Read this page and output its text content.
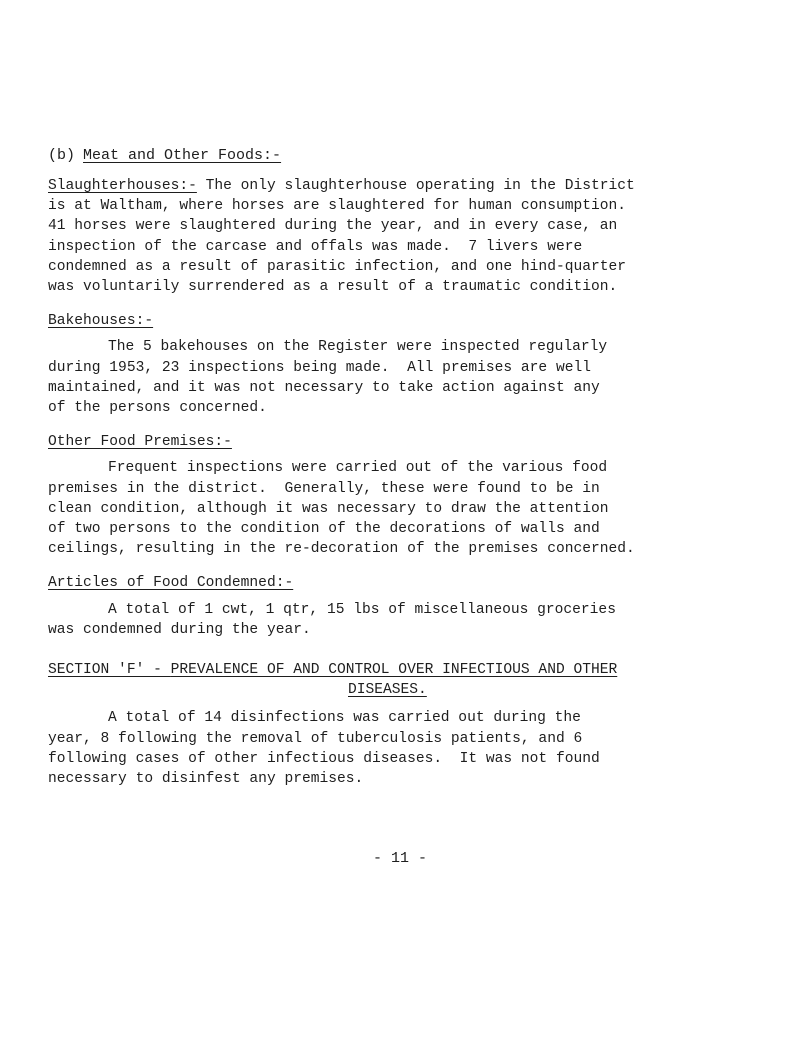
(b) Meat and Other Foods:-

Slaughterhouses:- The only slaughterhouse operating in the District
is at Waltham, where horses are slaughtered for human consumption.
41 horses were slaughtered during the year, and in every case, an
inspection of the carcase and offals was made.  7 livers were
condemned as a result of parasitic infection, and one hind-quarter
was voluntarily surrendered as a result of a traumatic condition.

Bakehouses:-

The 5 bakehouses on the Register were inspected regularly
during 1953, 23 inspections being made.  All premises are well
maintained, and it was not necessary to take action against any
of the persons concerned.

Other Food Premises:-

Frequent inspections were carried out of the various food
premises in the district.  Generally, these were found to be in
clean condition, although it was necessary to draw the attention
of two persons to the condition of the decorations of walls and
ceilings, resulting in the re-decoration of the premises concerned.

Articles of Food Condemned:-

A total of 1 cwt, 1 qtr, 15 lbs of miscellaneous groceries
was condemned during the year.

SECTION 'F' - PREVALENCE OF AND CONTROL OVER INFECTIOUS AND OTHER
DISEASES.

A total of 14 disinfections was carried out during the
year, 8 following the removal of tuberculosis patients, and 6
following cases of other infectious diseases.  It was not found
necessary to disinfest any premises.

- 11 -
